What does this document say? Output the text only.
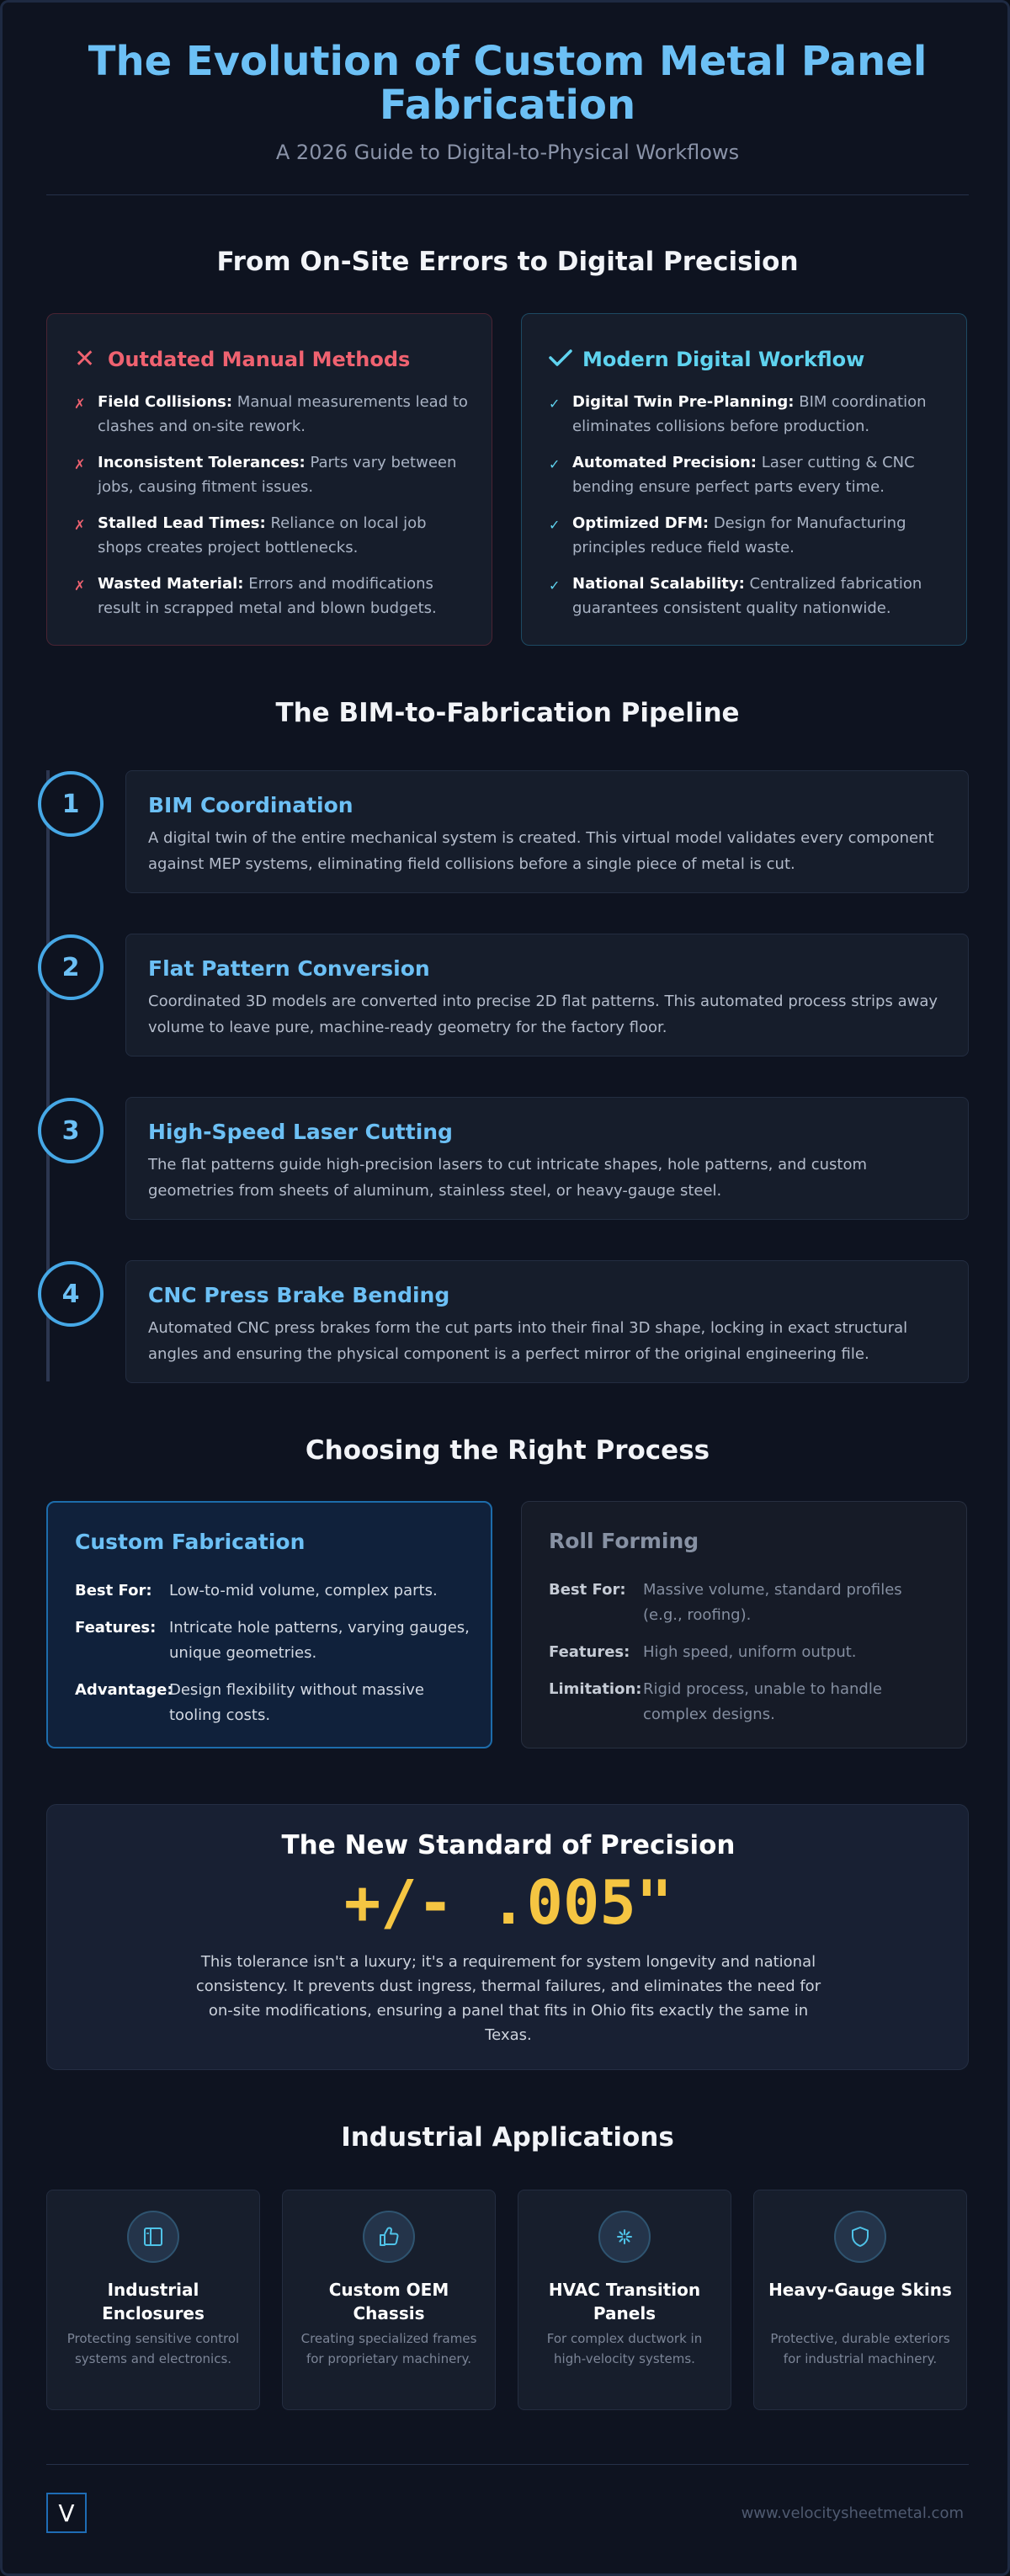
The Evolution of Custom Metal Panel
Fabrication
A 2026 Guide to Digital-to-Physical Workflows
From On-Site Errors to Digital Precision
✕ Outdated Manual Methods
✗ Field Collisions: Manual measurements lead to clashes and on-site rework.
✗ Inconsistent Tolerances: Parts vary between jobs, causing fitment issues.
✗ Stalled Lead Times: Reliance on local job shops creates project bottlenecks.
✗ Wasted Material: Errors and modifications result in scrapped metal and blown budgets.
Modern Digital Workflow
✓ Digital Twin Pre-Planning: BIM coordination eliminates collisions before production.
✓ Automated Precision: Laser cutting & CNC bending ensure perfect parts every time.
✓ Optimized DFM: Design for Manufacturing principles reduce field waste.
✓ National Scalability: Centralized fabrication guarantees consistent quality nationwide.
The BIM-to-Fabrication Pipeline
1	BIM Coordination
A digital twin of the entire mechanical system is created. This virtual model validates every component against MEP systems, eliminating field collisions before a single piece of metal is cut.
2	Flat Pattern Conversion
Coordinated 3D models are converted into precise 2D flat patterns. This automated process strips away volume to leave pure, machine-ready geometry for the factory floor.
3	High-Speed Laser Cutting
The flat patterns guide high-precision lasers to cut intricate shapes, hole patterns, and custom geometries from sheets of aluminum, stainless steel, or heavy-gauge steel.
4	CNC Press Brake Bending
Automated CNC press brakes form the cut parts into their final 3D shape, locking in exact structural angles and ensuring the physical component is a perfect mirror of the original engineering file.
Choosing the Right Process
Custom Fabrication
Best For:	Low-to-mid volume, complex parts.
Features: Intricate hole patterns, varying gauges, unique geometries.
Advantage:
Design flexibility without massive tooling costs.
Roll Forming
Best For:	Massive volume, standard profiles (e.g., roofing).
Features: High speed, uniform output.
Limitation: Rigid process, unable to handle complex designs.
The New Standard of Precision
+/- .005"
This tolerance isn't a luxury; it's a requirement for system longevity and national consistency. It prevents dust ingress, thermal failures, and eliminates the need for on-site modifications, ensuring a panel that fits in Ohio fits exactly the same in Texas.
Industrial Applications
Industrial Enclosures
Protecting sensitive control systems and electronics.
Custom OEM Chassis
Creating specialized frames for proprietary machinery.
HVAC Transition Panels
For complex ductwork in high-velocity systems.
Heavy-Gauge Skins
Protective, durable exteriors for industrial machinery.
V	www.velocitysheetmetal.com
